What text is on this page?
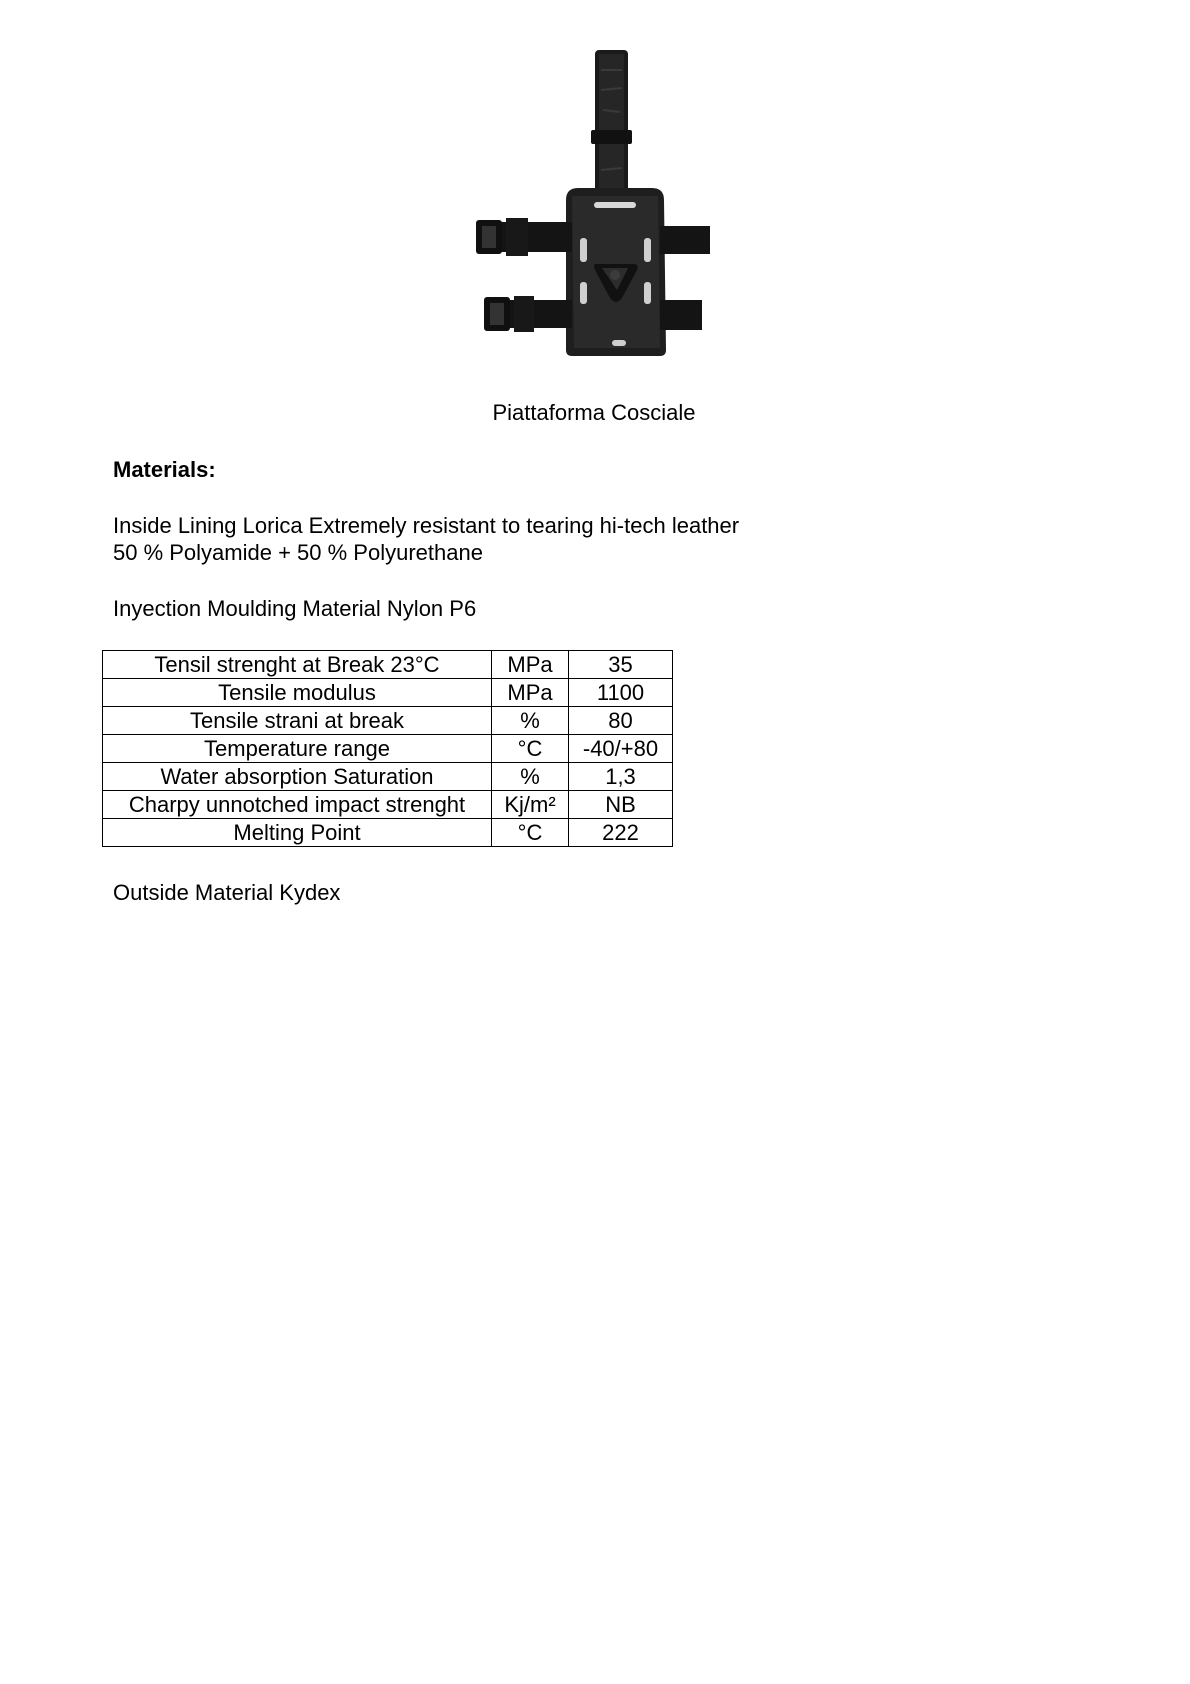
Piattaforma Cosciale
Materials:

Inside Lining Lorica Extremely resistant to tearing hi-tech leather
50 % Polyamide + 50 % Polyurethane

Inyection Moulding Material Nylon P6

Tensil strenght at Break 23°C	MPa	35
Tensile modulus	MPa	1100
Tensile strani at break	%	80
Temperature range	°C	-40/+80
Water absorption Saturation	%	1,3
Charpy unnotched impact strenght	Kj/m²	NB
Melting Point	°C	222

Outside Material Kydex
